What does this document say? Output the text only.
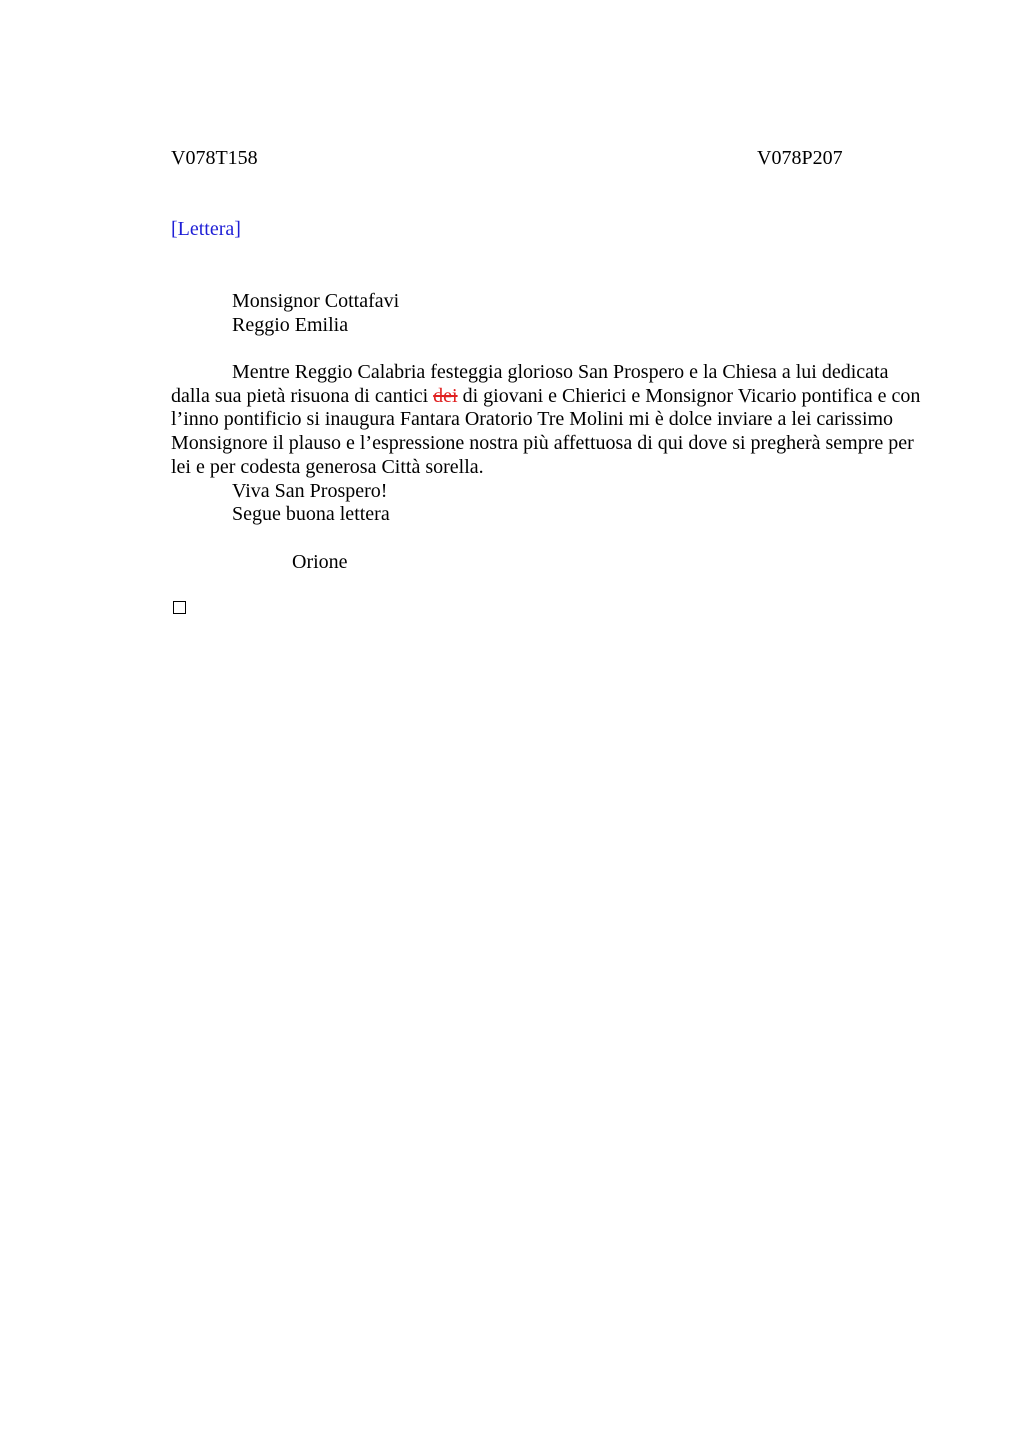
V078T158	V078P207
[Lettera]
Monsignor Cottafavi
Reggio Emilia

Mentre Reggio Calabria festeggia glorioso San Prospero e la Chiesa a lui dedicata dalla sua pietà risuona di cantici dei di giovani e Chierici e Monsignor Vicario pontifica e con l’inno pontificio si inaugura Fantara Oratorio Tre Molini mi è dolce inviare a lei carissimo Monsignore il plauso e l’espressione nostra più affettuosa di qui dove si pregherà sempre per lei e per codesta generosa Città sorella.

Viva San Prospero!

Segue buona lettera

Orione
